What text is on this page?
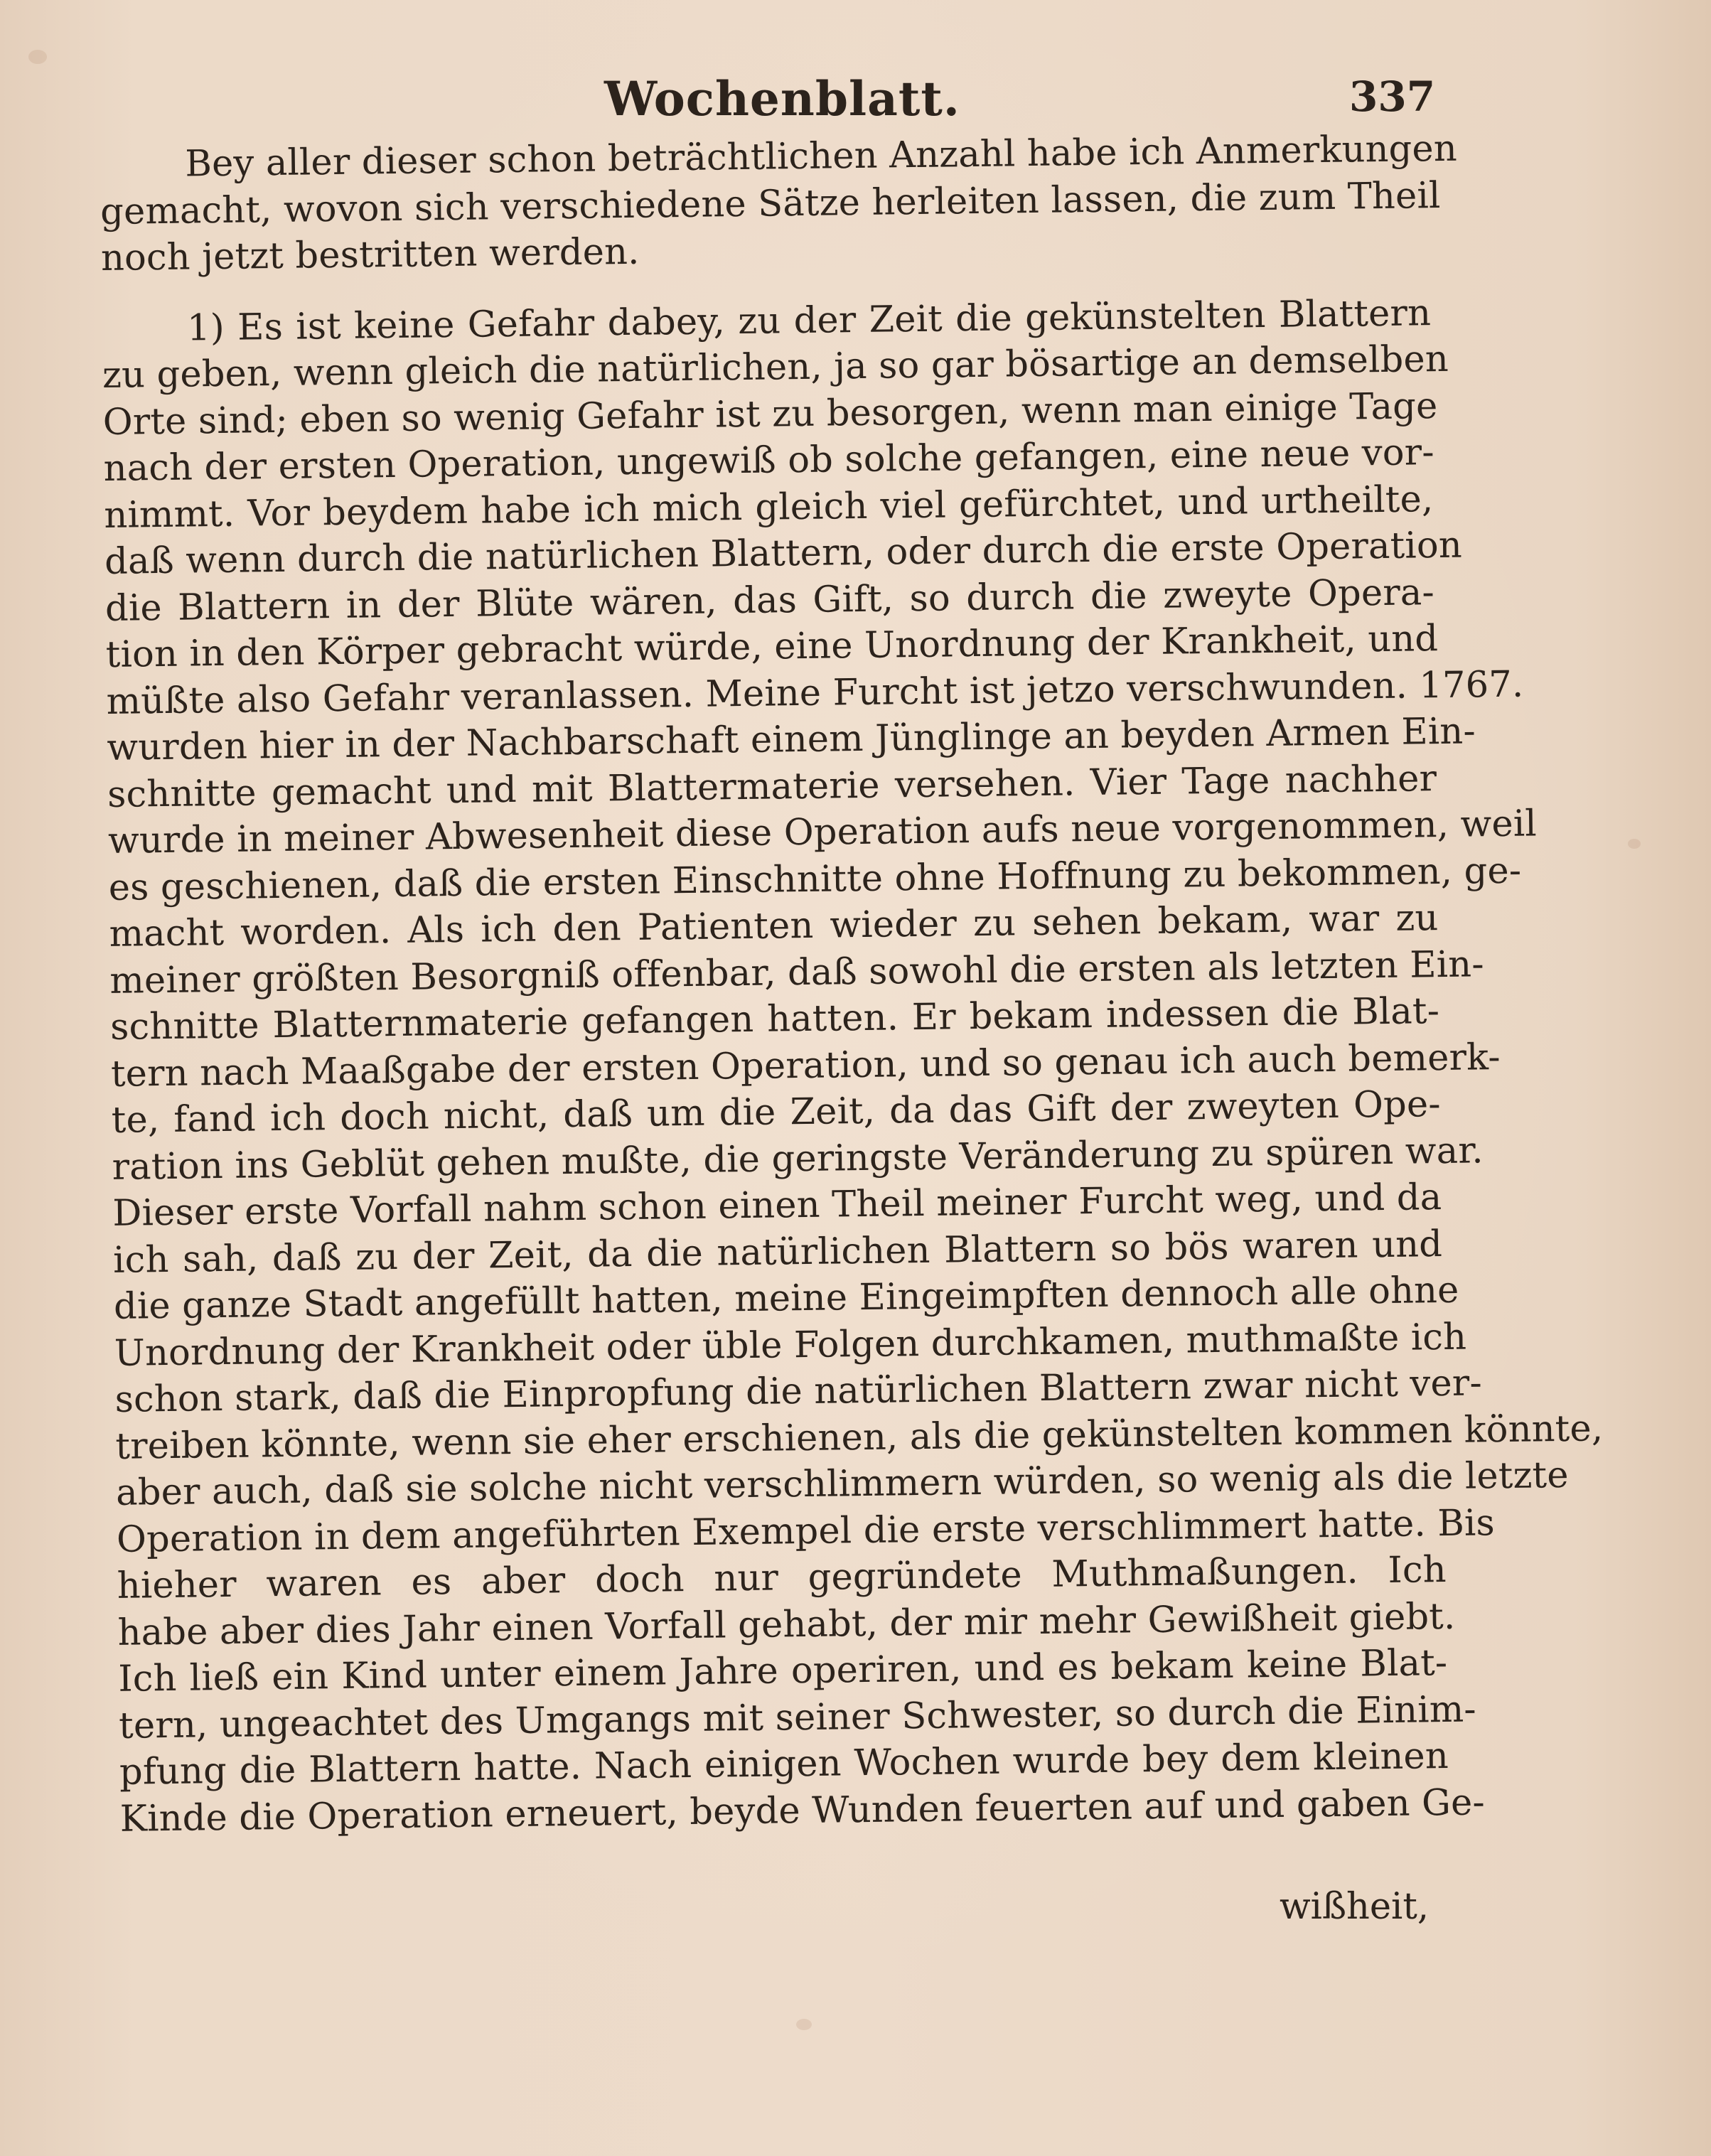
Wochenblatt.	337
Bey aller dieser schon beträchtlichen Anzahl habe ich Anmerkungen
gemacht, wovon sich verschiedene Sätze herleiten lassen, die zum Theil
noch jetzt bestritten werden.
1) Es ist keine Gefahr dabey, zu der Zeit die gekünstelten Blattern
zu geben, wenn gleich die natürlichen, ja so gar bösartige an demselben
Orte sind; eben so wenig Gefahr ist zu besorgen, wenn man einige Tage
nach der ersten Operation, ungewiß ob solche gefangen, eine neue vor-
nimmt. Vor beydem habe ich mich gleich viel gefürchtet, und urtheilte,
daß wenn durch die natürlichen Blattern, oder durch die erste Operation
die Blattern in der Blüte wären, das Gift, so durch die zweyte Opera-
tion in den Körper gebracht würde, eine Unordnung der Krankheit, und
müßte also Gefahr veranlassen. Meine Furcht ist jetzo verschwunden. 1767.
wurden hier in der Nachbarschaft einem Jünglinge an beyden Armen Ein-
schnitte gemacht und mit Blattermaterie versehen. Vier Tage nachher
wurde in meiner Abwesenheit diese Operation aufs neue vorgenommen, weil
es geschienen, daß die ersten Einschnitte ohne Hoffnung zu bekommen, ge-
macht worden. Als ich den Patienten wieder zu sehen bekam, war zu
meiner größten Besorgniß offenbar, daß sowohl die ersten als letzten Ein-
schnitte Blatternmaterie gefangen hatten. Er bekam indessen die Blat-
tern nach Maaßgabe der ersten Operation, und so genau ich auch bemerk-
te, fand ich doch nicht, daß um die Zeit, da das Gift der zweyten Ope-
ration ins Geblüt gehen mußte, die geringste Veränderung zu spüren war.
Dieser erste Vorfall nahm schon einen Theil meiner Furcht weg, und da
ich sah, daß zu der Zeit, da die natürlichen Blattern so bös waren und
die ganze Stadt angefüllt hatten, meine Eingeimpften dennoch alle ohne
Unordnung der Krankheit oder üble Folgen durchkamen, muthmaßte ich
schon stark, daß die Einpropfung die natürlichen Blattern zwar nicht ver-
treiben könnte, wenn sie eher erschienen, als die gekünstelten kommen könnte,
aber auch, daß sie solche nicht verschlimmern würden, so wenig als die letzte
Operation in dem angeführten Exempel die erste verschlimmert hatte. Bis
hieher waren es aber doch nur gegründete Muthmaßungen. Ich
habe aber dies Jahr einen Vorfall gehabt, der mir mehr Gewißheit giebt.
Ich ließ ein Kind unter einem Jahre operiren, und es bekam keine Blat-
tern, ungeachtet des Umgangs mit seiner Schwester, so durch die Einim-
pfung die Blattern hatte. Nach einigen Wochen wurde bey dem kleinen
Kinde die Operation erneuert, beyde Wunden feuerten auf und gaben Ge-
wißheit,
